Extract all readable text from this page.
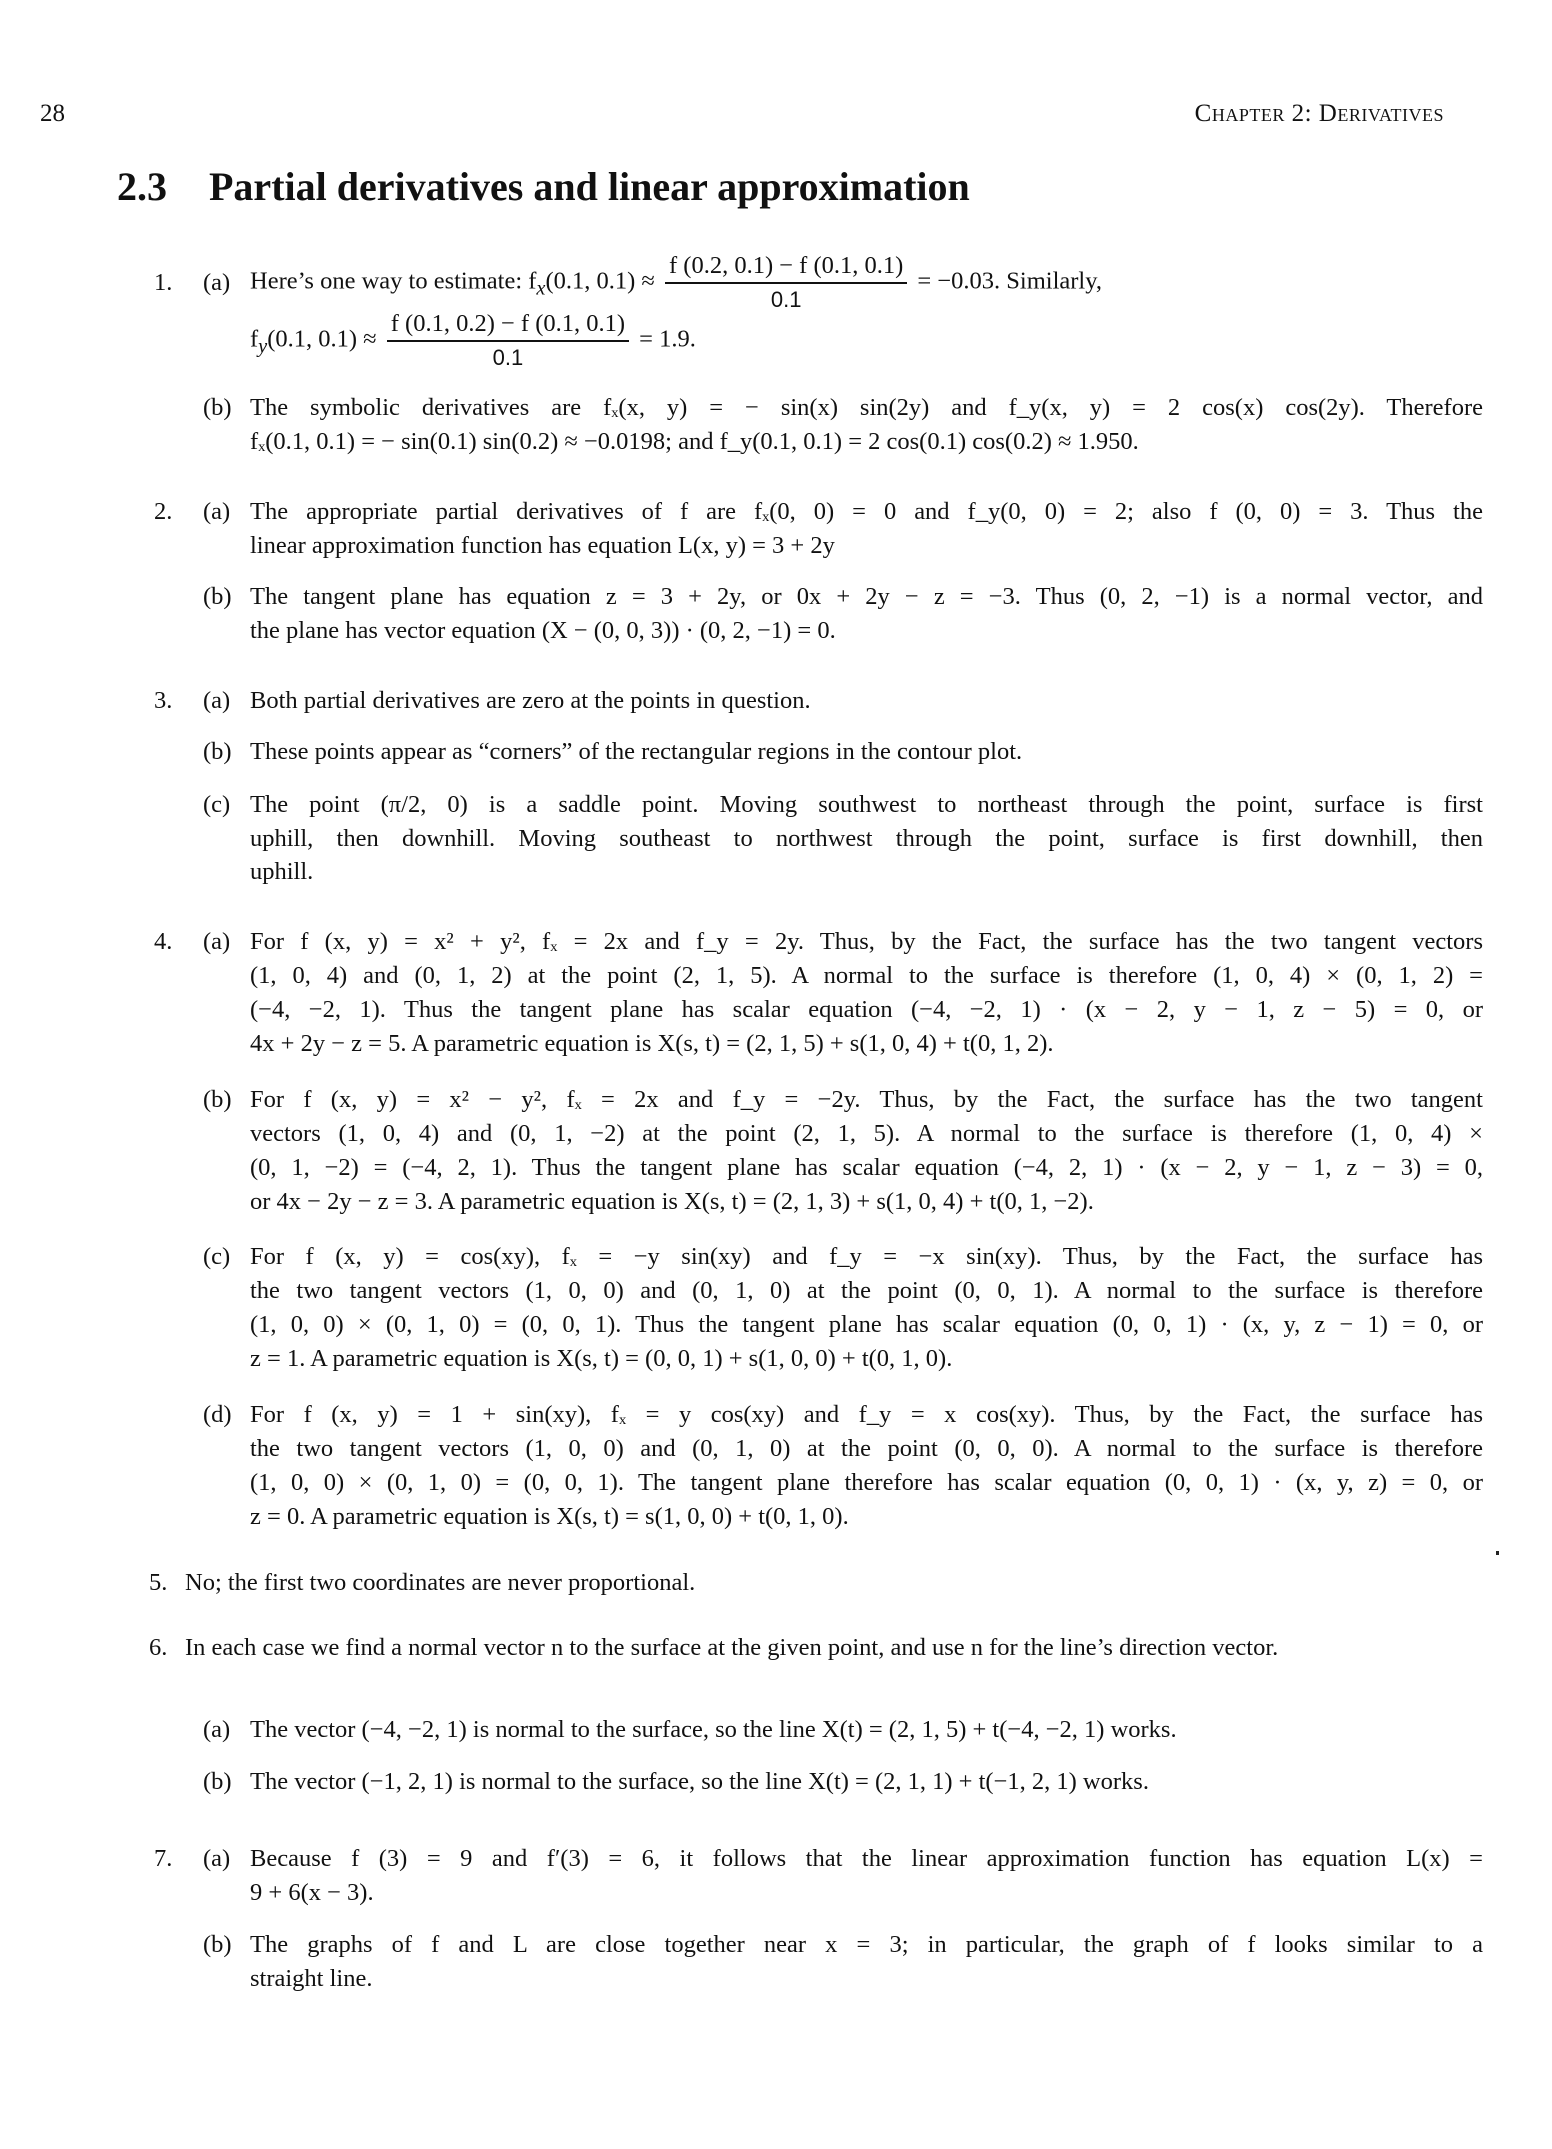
28	Chapter 2: Derivatives
2.3 Partial derivatives and linear approximation
1. (a) Here’s one way to estimate: $f_x(0.1$, $0.1) \approx \frac{f (0.2, 0.1) - f (0.1, 0.1)}{0.1} = -0.03$. Similarly,
$f_y(0.1$, $0.1) \approx \frac{f (0.1, 0.2) - f (0.1, 0.1)}{0.1} = 1.9$.
(b) The symbolic derivatives are fₓ(x, y) = − sin(x) sin(2y) and f_y(x, y) = 2 cos(x) cos(2y). Therefore
fₓ(0.1, 0.1) = − sin(0.1) sin(0.2) ≈ −0.0198; and f_y(0.1, 0.1) = 2 cos(0.1) cos(0.2) ≈ 1.950.
2. (a) The appropriate partial derivatives of f are fₓ(0, 0) = 0 and f_y(0, 0) = 2; also f (0, 0) = 3. Thus the
linear approximation function has equation L(x, y) = 3 + 2y
(b) The tangent plane has equation z = 3 + 2y, or 0x + 2y − z = −3. Thus (0, 2, −1) is a normal vector, and
the plane has vector equation (X − (0, 0, 3)) · (0, 2, −1) = 0.
3. (a) Both partial derivatives are zero at the points in question.
(b) These points appear as “corners” of the rectangular regions in the contour plot.
(c) The point (π/2, 0) is a saddle point. Moving southwest to northeast through the point, surface is first
uphill, then downhill. Moving southeast to northwest through the point, surface is first downhill, then
uphill.
4. (a) For f (x, y) = x² + y², fₓ = 2x and f_y = 2y. Thus, by the Fact, the surface has the two tangent vectors
(1, 0, 4) and (0, 1, 2) at the point (2, 1, 5). A normal to the surface is therefore (1, 0, 4) × (0, 1, 2) =
(−4, −2, 1). Thus the tangent plane has scalar equation (−4, −2, 1) · (x − 2, y − 1, z − 5) = 0, or
4x + 2y − z = 5. A parametric equation is X(s, t) = (2, 1, 5) + s(1, 0, 4) + t(0, 1, 2).
(b) For f (x, y) = x² − y², fₓ = 2x and f_y = −2y. Thus, by the Fact, the surface has the two tangent
vectors (1, 0, 4) and (0, 1, −2) at the point (2, 1, 5). A normal to the surface is therefore (1, 0, 4) ×
(0, 1, −2) = (−4, 2, 1). Thus the tangent plane has scalar equation (−4, 2, 1) · (x − 2, y − 1, z − 3) = 0,
or 4x − 2y − z = 3. A parametric equation is X(s, t) = (2, 1, 3) + s(1, 0, 4) + t(0, 1, −2).
(c) For f (x, y) = cos(xy), fₓ = −y sin(xy) and f_y = −x sin(xy). Thus, by the Fact, the surface has
the two tangent vectors (1, 0, 0) and (0, 1, 0) at the point (0, 0, 1). A normal to the surface is therefore
(1, 0, 0) × (0, 1, 0) = (0, 0, 1). Thus the tangent plane has scalar equation (0, 0, 1) · (x, y, z − 1) = 0, or
z = 1. A parametric equation is X(s, t) = (0, 0, 1) + s(1, 0, 0) + t(0, 1, 0).
(d) For f (x, y) = 1 + sin(xy), fₓ = y cos(xy) and f_y = x cos(xy). Thus, by the Fact, the surface has
the two tangent vectors (1, 0, 0) and (0, 1, 0) at the point (0, 0, 0). A normal to the surface is therefore
(1, 0, 0) × (0, 1, 0) = (0, 0, 1). The tangent plane therefore has scalar equation (0, 0, 1) · (x, y, z) = 0, or
z = 0. A parametric equation is X(s, t) = s(1, 0, 0) + t(0, 1, 0).
5. No; the first two coordinates are never proportional.
6. In each case we find a normal vector n to the surface at the given point, and use n for the line’s direction vector.
(a) The vector (−4, −2, 1) is normal to the surface, so the line X(t) = (2, 1, 5) + t(−4, −2, 1) works.
(b) The vector (−1, 2, 1) is normal to the surface, so the line X(t) = (2, 1, 1) + t(−1, 2, 1) works.
7. (a) Because f (3) = 9 and f′(3) = 6, it follows that the linear approximation function has equation L(x) =
9 + 6(x − 3).
(b) The graphs of f and L are close together near x = 3; in particular, the graph of f looks similar to a
straight line.
